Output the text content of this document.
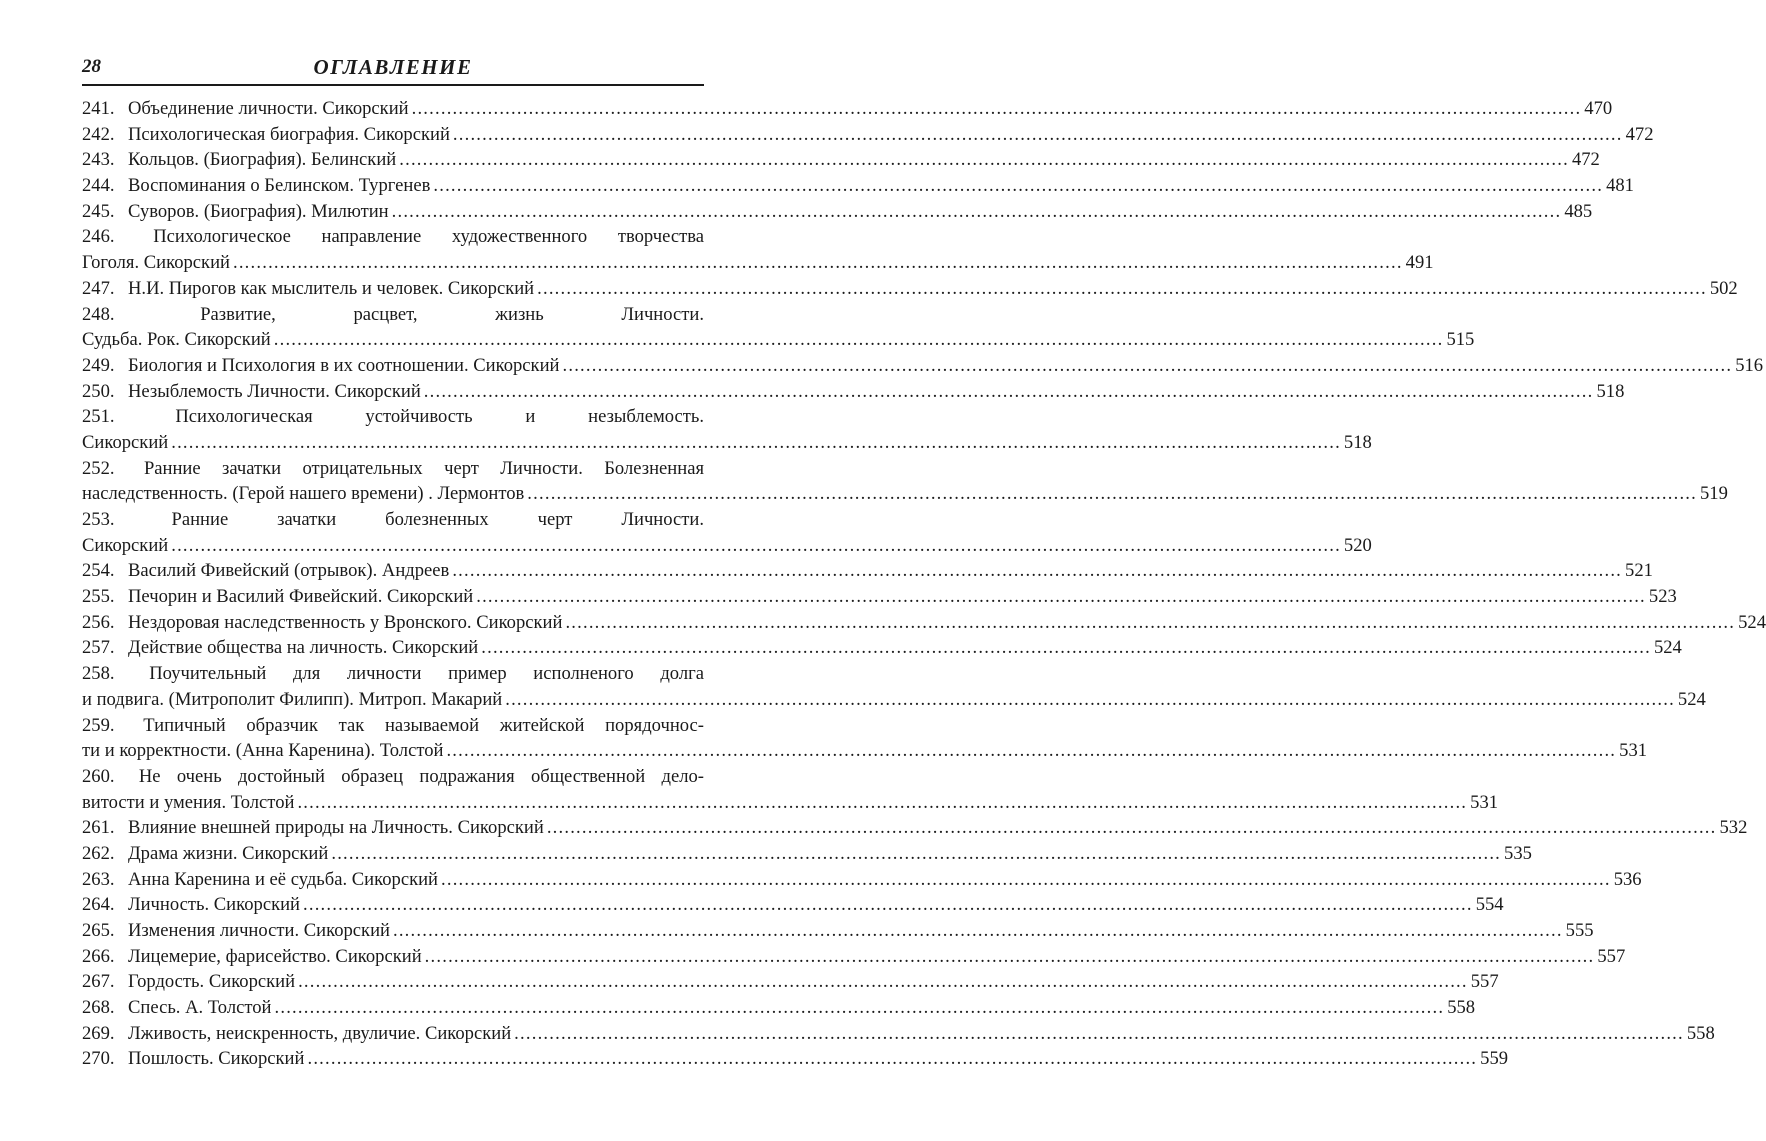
28	ОГЛАВЛЕНИЕ
241. Объединение личности. Сикорский .....	470
242. Психологическая биография. Сикорский .....	472
243. Кольцов. (Биография). Белинский .....	472
244. Воспоминания о Белинском. Тургенев .....	481
245. Суворов. (Биография). Милютин .....	485
246. Психологическое направление художественного творчества
Гоголя. Сикорский .....	491
247. Н.И. Пирогов как мыслитель и человек. Сикорский .....	502
248.	Развитие, расцвет, жизнь Личности.
Судьба. Рок. Сикорский .....	515
249. Биология и Психология в их соотношении. Сикорский .....	516
250. Незыблемость Личности. Сикорский .....	518
251.	Психологическая устойчивость и незыблемость.
Сикорский .....	518
252. Ранние зачатки отрицательных черт Личности. Болезненная
наследственность. (Герой нашего времени) . Лермонтов .....	519
253.	Ранние зачатки болезненных черт Личности.
Сикорский .....	520
254. Василий Фивейский (отрывок). Андреев .....	521
255. Печорин и Василий Фивейский. Сикорский .....	523
256. Нездоровая наследственность у Вронского. Сикорский .....	524
257. Действие общества на личность. Сикорский .....	524
258. Поучительный для личности пример исполненого долга
и подвига. (Митрополит Филипп). Митроп. Макарий .....	524
259. Типичный образчик так называемой житейской порядочнос-
ти и корректности. (Анна Каренина). Толстой .....	531
260. Не очень достойный образец подражания общественной дело-
витости и умения. Толстой .....	531
261. Влияние внешней природы на Личность. Сикорский .....	532
262. Драма жизни. Сикорский .....	535
263. Анна Каренина и её судьба. Сикорский .....	536
264. Личность. Сикорский .....	554
265. Изменения личности. Сикорский .....	555
266. Лицемерие, фарисейство. Сикорский .....	557
267. Гордость. Сикорский .....	557
268. Спесь. А. Толстой .....	558
269. Лживость, неискренность, двуличие. Сикорский .....	558
270. Пошлость. Сикорский .....	559
